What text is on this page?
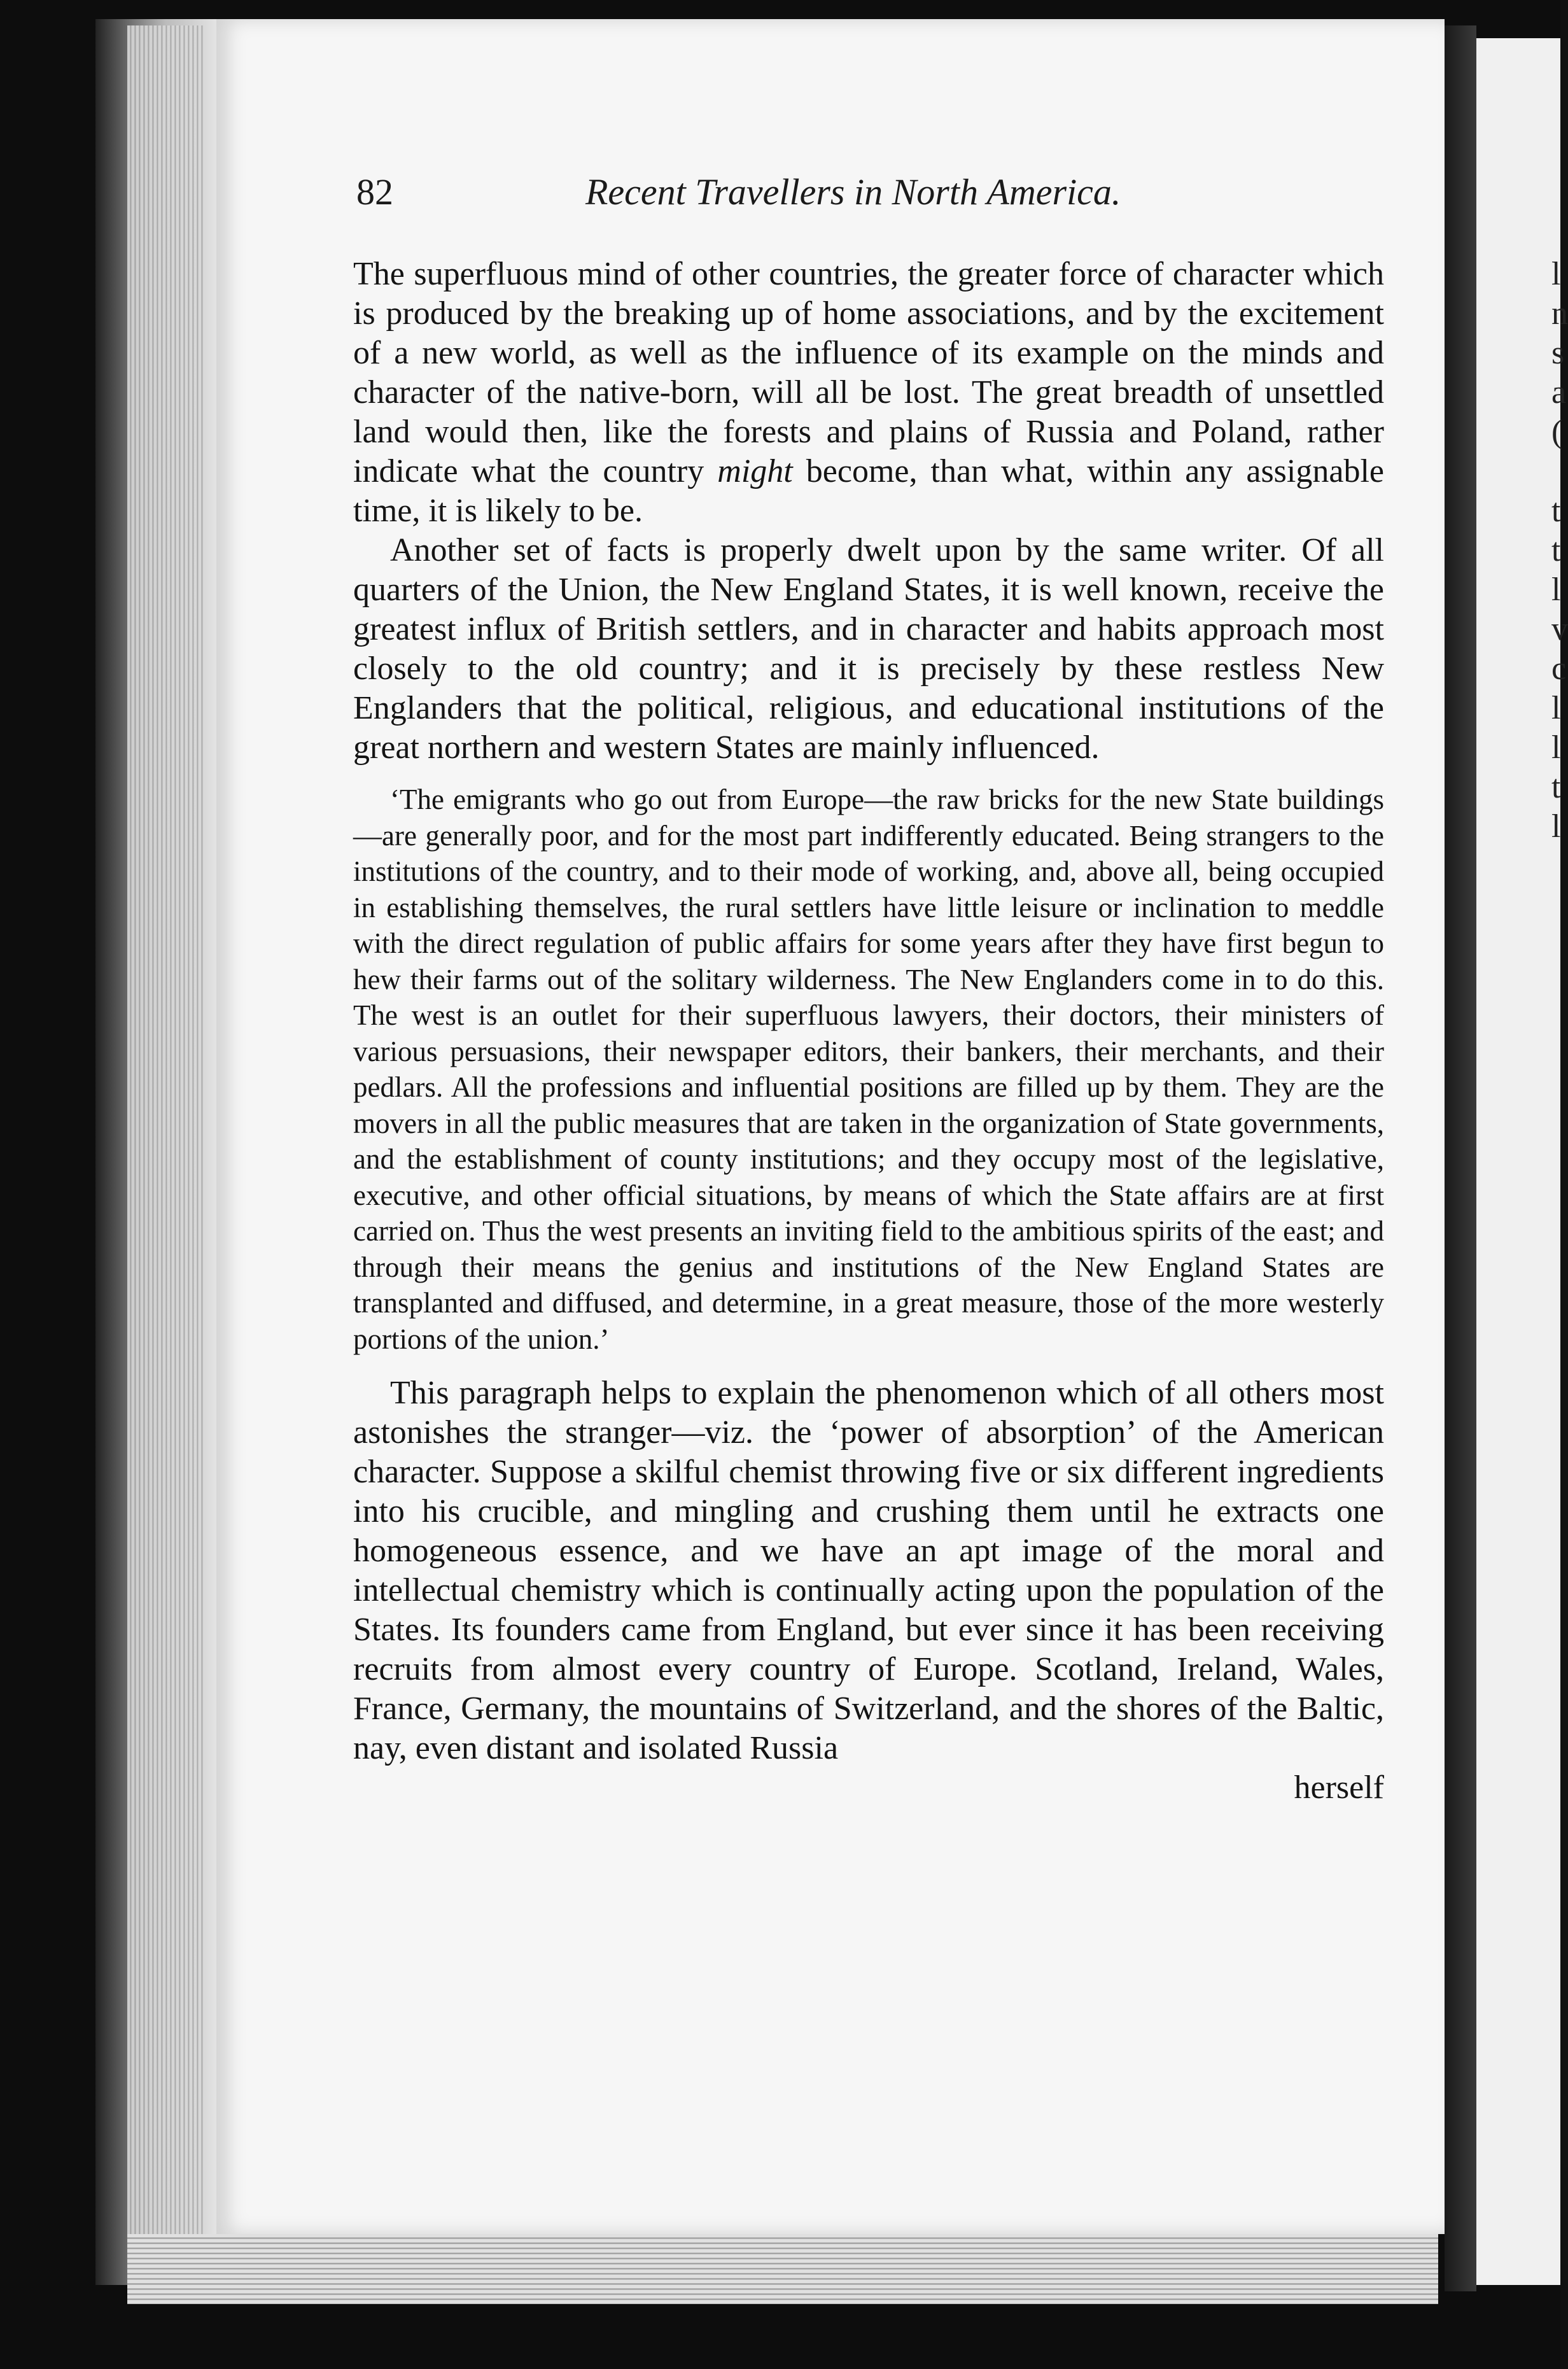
l
n
s
a
(

t
t
l
v
c
l
l
t
l
82	Recent Travellers in North America.

The superfluous mind of other countries, the greater force of character which is produced by the breaking up of home associations, and by the excitement of a new world, as well as the influence of its example on the minds and character of the native-born, will all be lost. The great breadth of unsettled land would then, like the forests and plains of Russia and Poland, rather indicate what the country might become, than what, within any assignable time, it is likely to be.

Another set of facts is properly dwelt upon by the same writer. Of all quarters of the Union, the New England States, it is well known, receive the greatest influx of British settlers, and in character and habits approach most closely to the old country; and it is precisely by these restless New Englanders that the political, religious, and educational institutions of the great northern and western States are mainly influenced.

‘The emigrants who go out from Europe—the raw bricks for the new State buildings—are generally poor, and for the most part indifferently educated. Being strangers to the institutions of the country, and to their mode of working, and, above all, being occupied in establishing themselves, the rural settlers have little leisure or inclination to meddle with the direct regulation of public affairs for some years after they have first begun to hew their farms out of the solitary wilderness. The New Englanders come in to do this. The west is an outlet for their superfluous lawyers, their doctors, their ministers of various persuasions, their newspaper editors, their bankers, their merchants, and their pedlars. All the professions and influential positions are filled up by them. They are the movers in all the public measures that are taken in the organization of State governments, and the establishment of county institutions; and they occupy most of the legislative, executive, and other official situations, by means of which the State affairs are at first carried on. Thus the west presents an inviting field to the ambitious spirits of the east; and through their means the genius and institutions of the New England States are transplanted and diffused, and determine, in a great measure, those of the more westerly portions of the union.’

This paragraph helps to explain the phenomenon which of all others most astonishes the stranger—viz. the ‘power of absorption’ of the American character. Suppose a skilful chemist throwing five or six different ingredients into his crucible, and mingling and crushing them until he extracts one homogeneous essence, and we have an apt image of the moral and intellectual chemistry which is continually acting upon the population of the States. Its founders came from England, but ever since it has been receiving recruits from almost every country of Europe. Scotland, Ireland, Wales, France, Germany, the mountains of Switzerland, and the shores of the Baltic, nay, even distant and isolated Russia

herself
